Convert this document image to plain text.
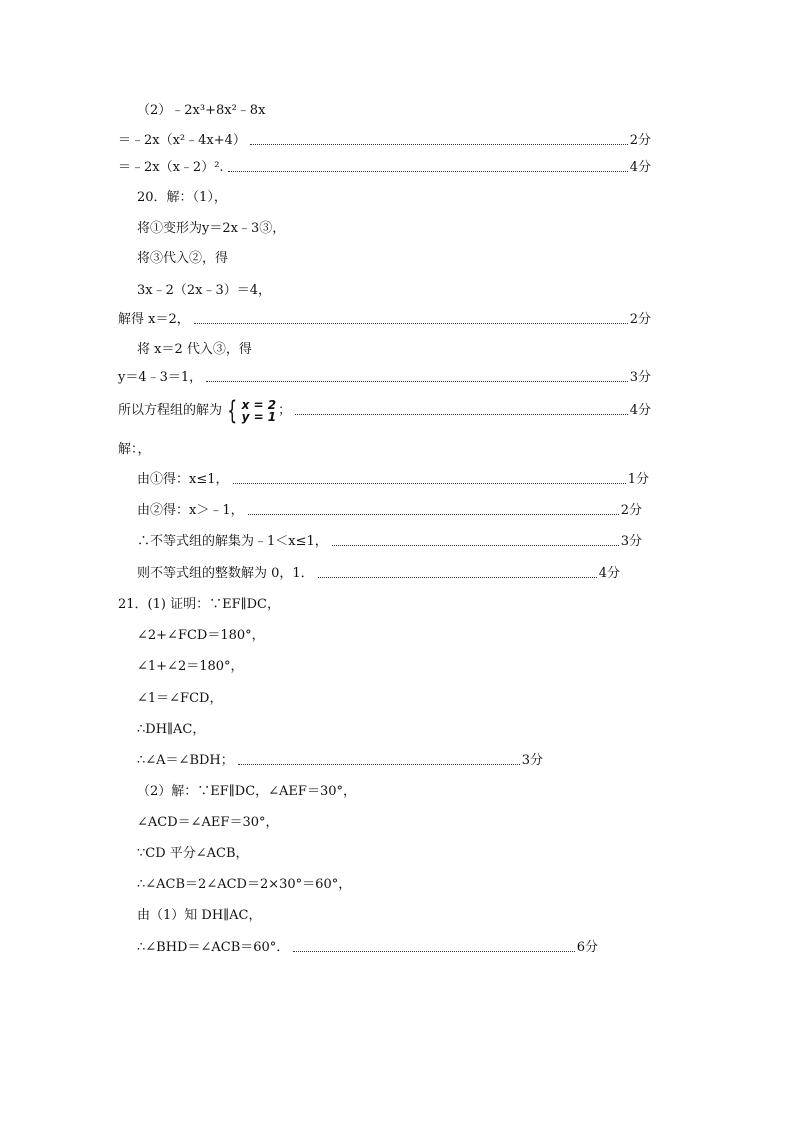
（2）﹣2x³+8x²﹣8x
＝﹣2x（x²﹣4x+4）	2分
＝﹣2x（x﹣2）².	4分
20．解：（1），
将①变形为y＝2x﹣3③，
将③代入②，得
3x﹣2（2x﹣3）＝4，
解得 x＝2，	2分
将 x＝2 代入③，得
y＝4﹣3＝1，	3分
所以方程组的解为 { x = 2
y = 1 ；	4分
解：，
由①得：x≤1，	1分
由②得：x＞﹣1，	2分
∴不等式组的解集为﹣1＜x≤1，	3分
则不等式组的整数解为 0，1．	4分
21．(1) 证明：∵EF∥DC，
∠2+∠FCD＝180°，
∠1+∠2＝180°，
∠1＝∠FCD，
∴DH∥AC，
∴∠A＝∠BDH；	3分
（2）解：∵EF∥DC，∠AEF＝30°，
∠ACD＝∠AEF＝30°，
∵CD 平分∠ACB，
∴∠ACB＝2∠ACD＝2×30°＝60°，
由（1）知 DH∥AC，
∴∠BHD＝∠ACB＝60°．	6分
